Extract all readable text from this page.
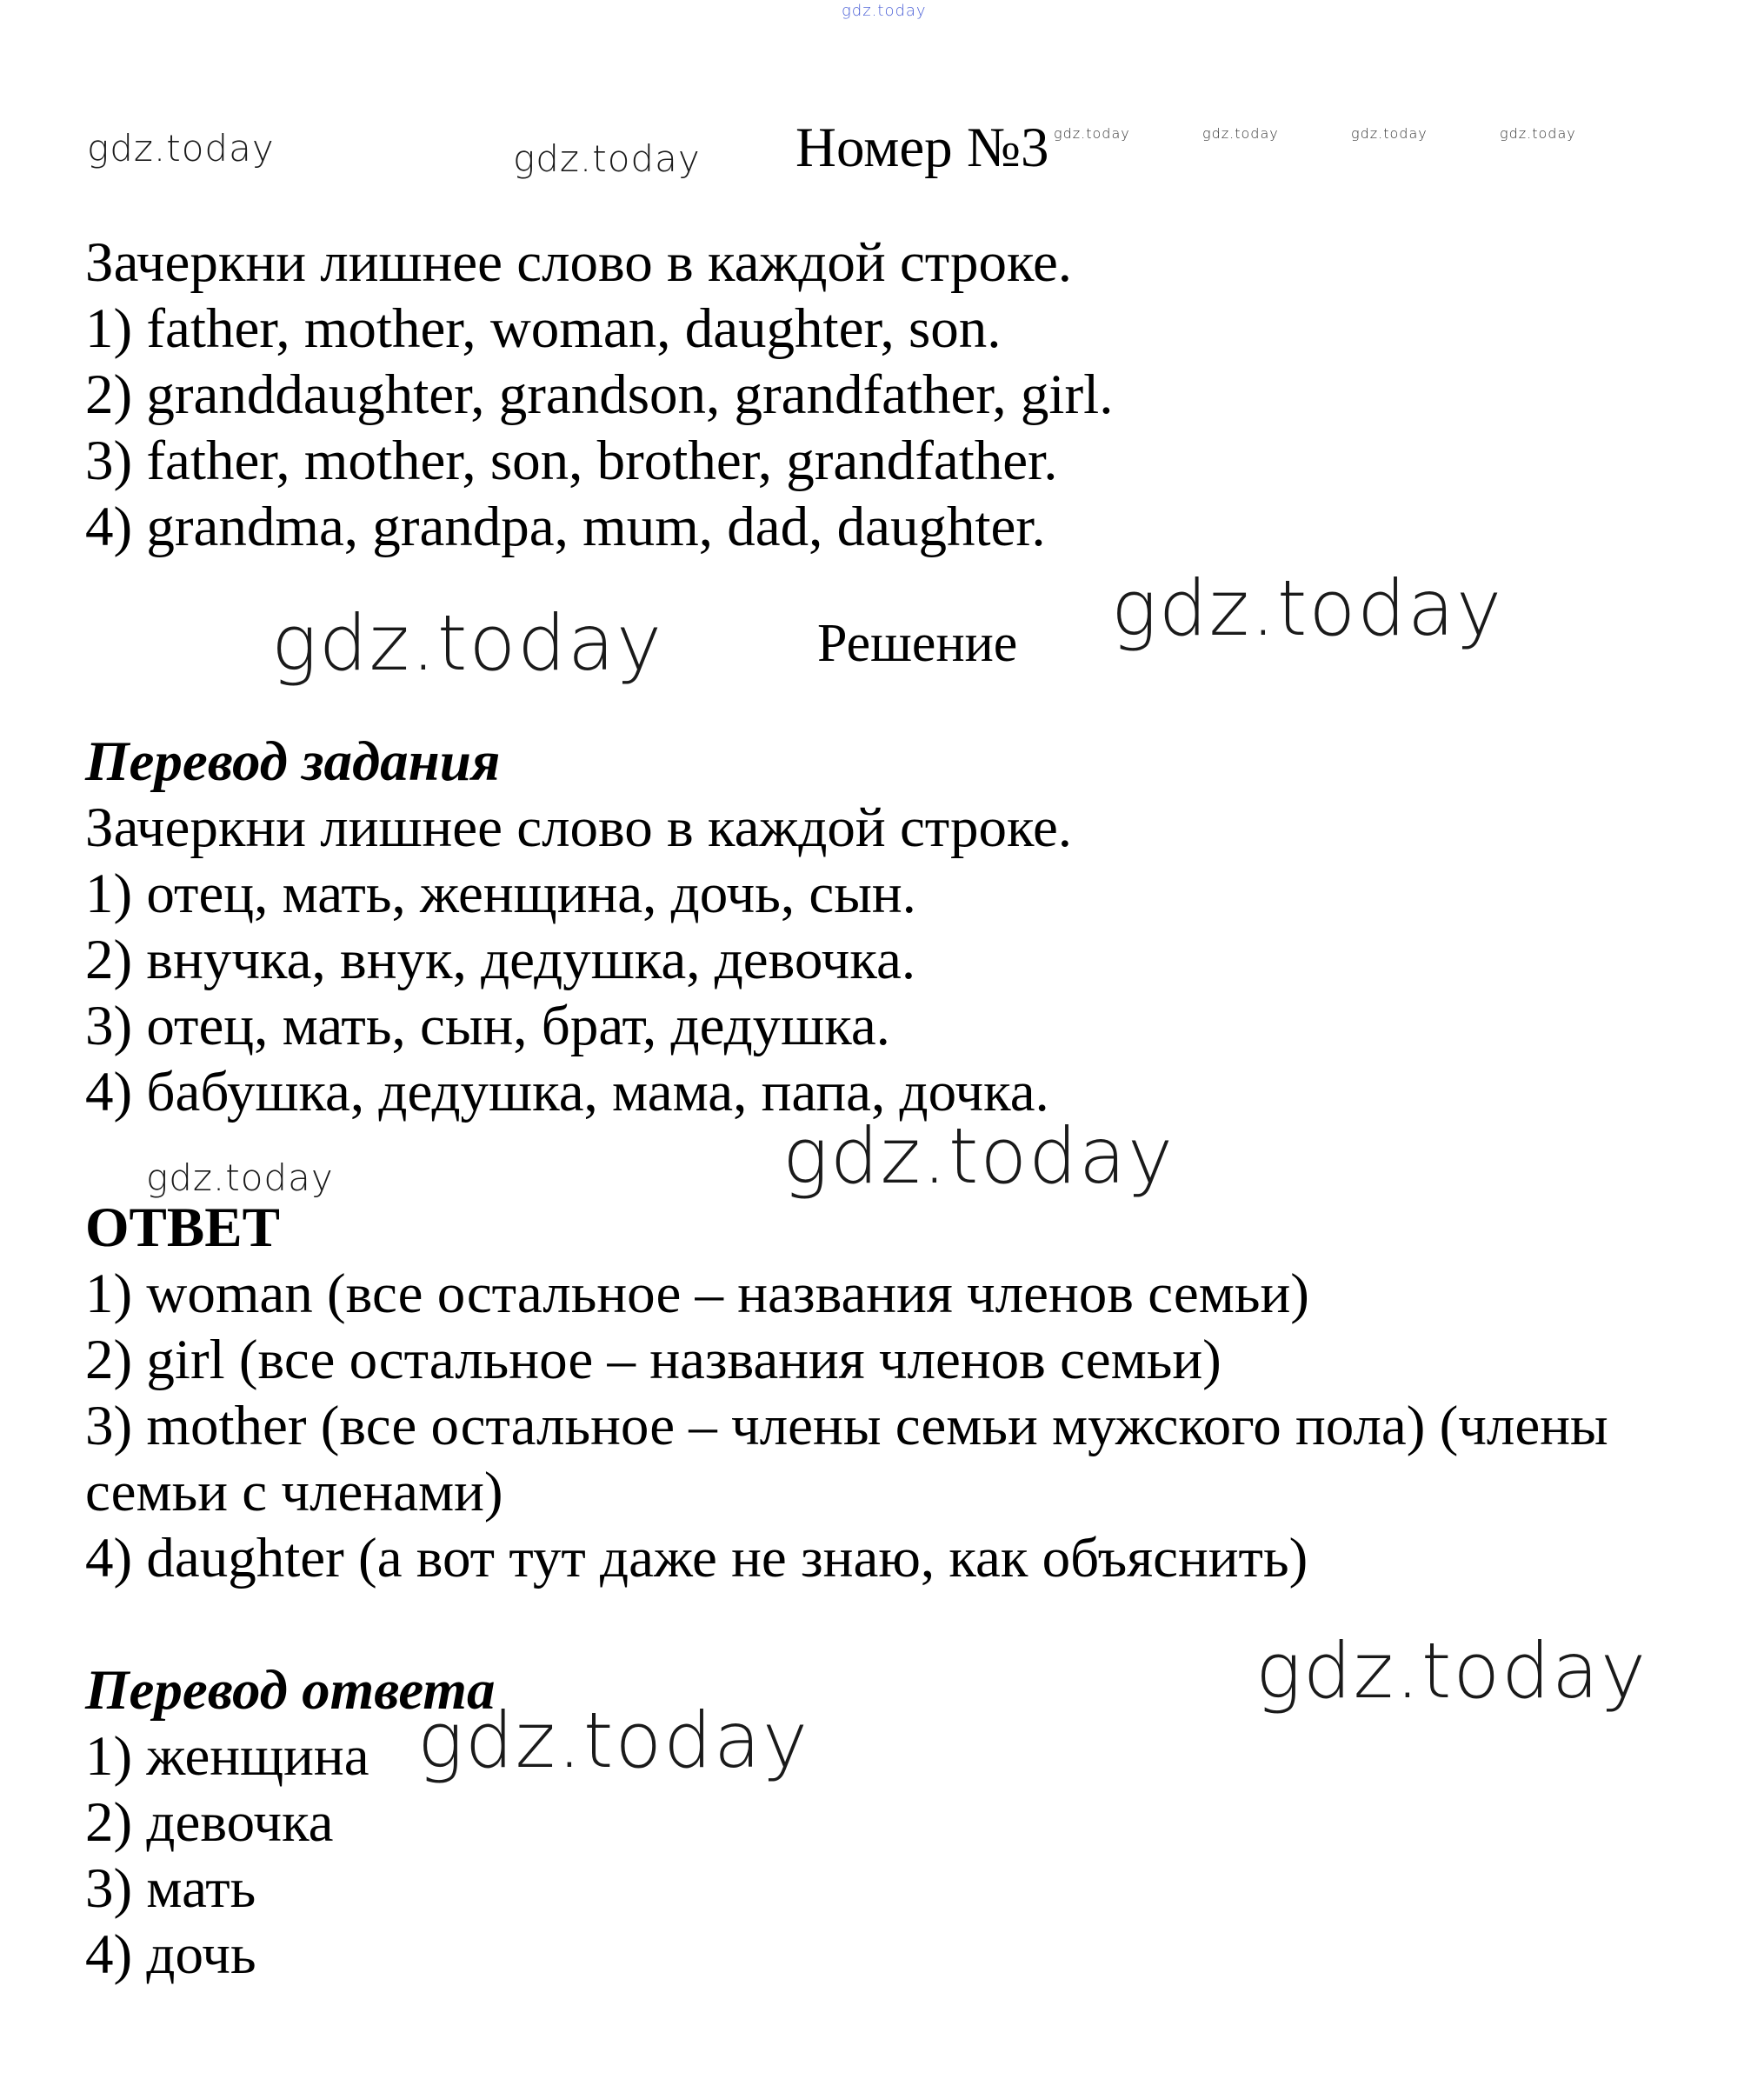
gdz.today
gdz.today	gdz.today
gdz.today	gdz.today	gdz.today	gdz.today
gdz.today	gdz.today
gdz.today	gdz.today
gdz.today
gdz.today
Номер №3
Зачеркни лишнее слово в каждой строке.
1) father, mother, woman, daughter, son.
2) granddaughter, grandson, grandfather, girl.
3) father, mother, son, brother, grandfather.
4) grandma, grandpa, mum, dad, daughter.
Решение
Перевод задания
Зачеркни лишнее слово в каждой строке.
1) отец, мать, женщина, дочь, сын.
2) внучка, внук, дедушка, девочка.
3) отец, мать, сын, брат, дедушка.
4) бабушка, дедушка, мама, папа, дочка.
ОТВЕТ
1) woman (все остальное – названия членов семьи)
2) girl (все остальное – названия членов семьи)
3) mother (все остальное – члены семьи мужского пола) (члены
семьи с членами)
4) daughter (а вот тут даже не знаю, как объяснить)
Перевод ответа
1) женщина
2) девочка
3) мать
4) дочь
